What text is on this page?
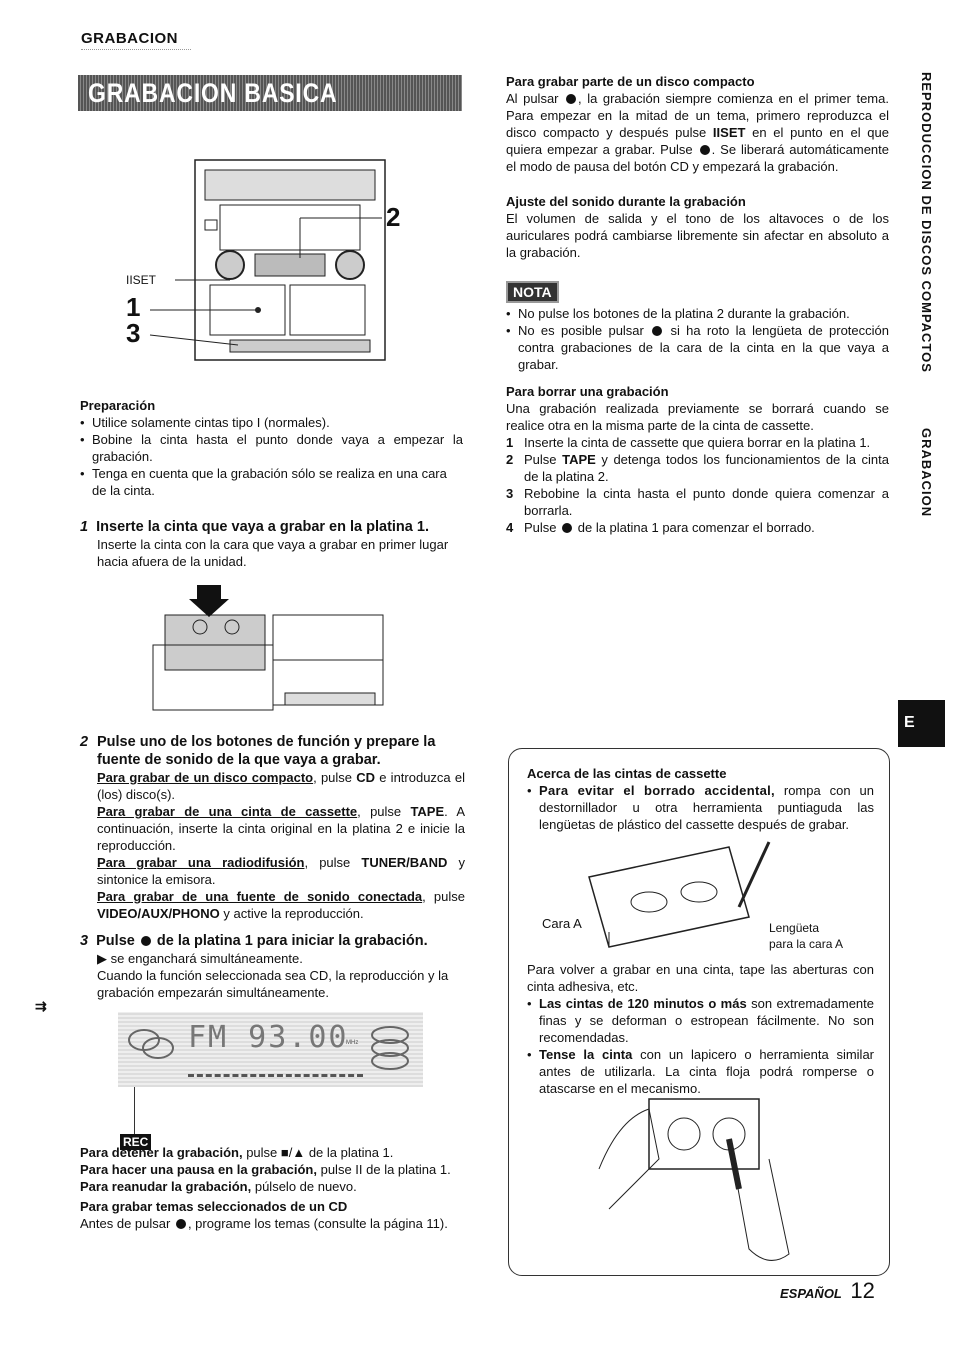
GRABACION
GRABACION BASICA
IISET
2
1
3

Preparación

• Utilice solamente cintas tipo I (normales).

• Bobine la cinta hasta el punto donde vaya a empezar la grabación.

• Tenga en cuenta que la grabación sólo se realiza en una cara de la cinta.

1 Inserte la cinta que vaya a grabar en la platina 1.

Inserte la cinta con la cara que vaya a grabar en primer lugar hacia afuera de la unidad.

2 Pulse uno de los botones de función y prepare la fuente de sonido de la que vaya a grabar.

Para grabar de un disco compacto, pulse CD e introduzca el (los) disco(s).

Para grabar de una cinta de cassette, pulse TAPE. A continuación, inserte la cinta original en la platina 2 e inicie la reproducción.

Para grabar una radiodifusión, pulse TUNER/BAND y sintonice la emisora.

Para grabar de una fuente de sonido conectada, pulse VIDEO/AUX/PHONO y active la reproducción.

3 Pulse  de la platina 1 para iniciar la grabación.

▶ se enganchará simultáneamente.

Cuando la función seleccionada sea CD, la reproducción y la grabación empezarán simultáneamente.

FM 93.00
MHz
REC

Para detener la grabación, pulse ■/▲ de la platina 1.

Para hacer una pausa en la grabación, pulse II de la platina 1.

Para reanudar la grabación, púlselo de nuevo.

Para grabar temas seleccionados de un CD

Antes de pulsar , programe los temas (consulte la página 11).

Para grabar parte de un disco compacto

Al pulsar , la grabación siempre comienza en el primer tema. Para empezar en la mitad de un tema, primero reproduzca el disco compacto y después pulse IISET en el punto en el que quiera empezar a grabar. Pulse . Se liberará automáticamente el modo de pausa del botón CD y empezará la grabación.

Ajuste del sonido durante la grabación

El volumen de salida y el tono de los altavoces o de los auriculares podrá cambiarse libremente sin afectar en absoluto a la grabación.

NOTA

• No pulse los botones de la platina 2 durante la grabación.

• No es posible pulsar  si ha roto la lengüeta de protección contra grabaciones de la cara de la cinta en la que vaya a grabar.

Para borrar una grabación

Una grabación realizada previamente se borrará cuando se realice otra en la misma parte de la cinta de cassette.

1 Inserte la cinta de cassette que quiera borrar en la platina 1.

2 Pulse TAPE y detenga todos los funcionamientos de la cinta de la platina 2.

3 Rebobine la cinta hasta el punto donde quiera comenzar a borrarla.

4 Pulse  de la platina 1 para comenzar el borrado.

REPRODUCCION DE DISCOS COMPACTOS
GRABACION
E

Acerca de las cintas de cassette

• Para evitar el borrado accidental, rompa con un destornillador u otra herramienta puntiaguda las lengüetas de plástico del cassette después de grabar.

Cara A	Lengüeta
para la cara A

Para volver a grabar en una cinta, tape las aberturas con cinta adhesiva, etc.

• Las cintas de 120 minutos o más son extremadamente finas y se deforman o estropean fácilmente. No son recomendadas.

• Tense la cinta con un lapicero o herramienta similar antes de utilizarla. La cinta floja podrá romperse o atascarse en el mecanismo.

ESPAÑOL 12
⇉
